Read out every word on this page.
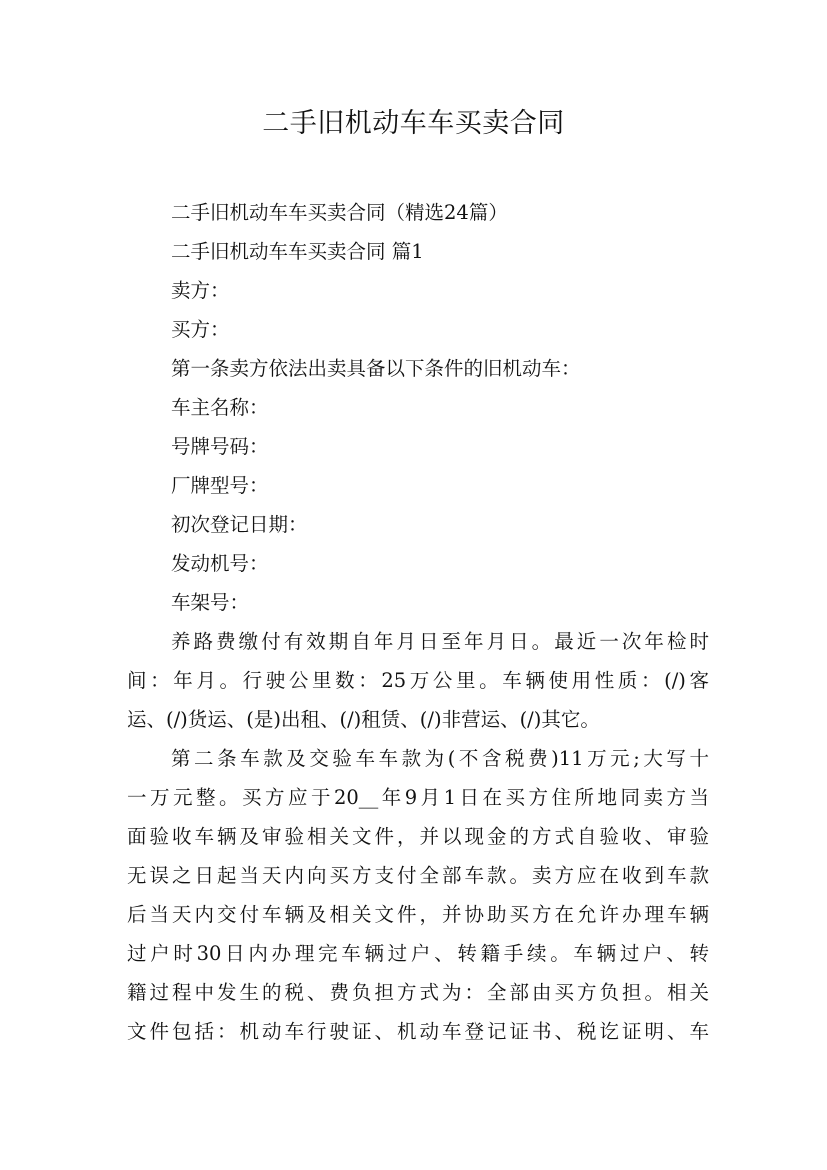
二手旧机动车车买卖合同
二手旧机动车车买卖合同（精选24篇）
二手旧机动车车买卖合同 篇1
卖方：
买方：
第一条卖方依法出卖具备以下条件的旧机动车：
车主名称：
号牌号码：
厂牌型号：
初次登记日期：
发动机号：
车架号：
养路费缴付有效期自年月日至年月日。最近一次年检时
间：年月。行驶公里数：25万公里。车辆使用性质：(/)客
运、(/)货运、(是)出租、(/)租赁、(/)非营运、(/)其它。
第二条车款及交验车车款为(不含税费)11万元;大写十
一万元整。买方应于20__年9月1日在买方住所地同卖方当
面验收车辆及审验相关文件，并以现金的方式自验收、审验
无误之日起当天内向买方支付全部车款。卖方应在收到车款
后当天内交付车辆及相关文件，并协助买方在允许办理车辆
过户时30日内办理完车辆过户、转籍手续。车辆过户、转
籍过程中发生的税、费负担方式为：全部由买方负担。相关
文件包括：机动车行驶证、机动车登记证书、税讫证明、车
